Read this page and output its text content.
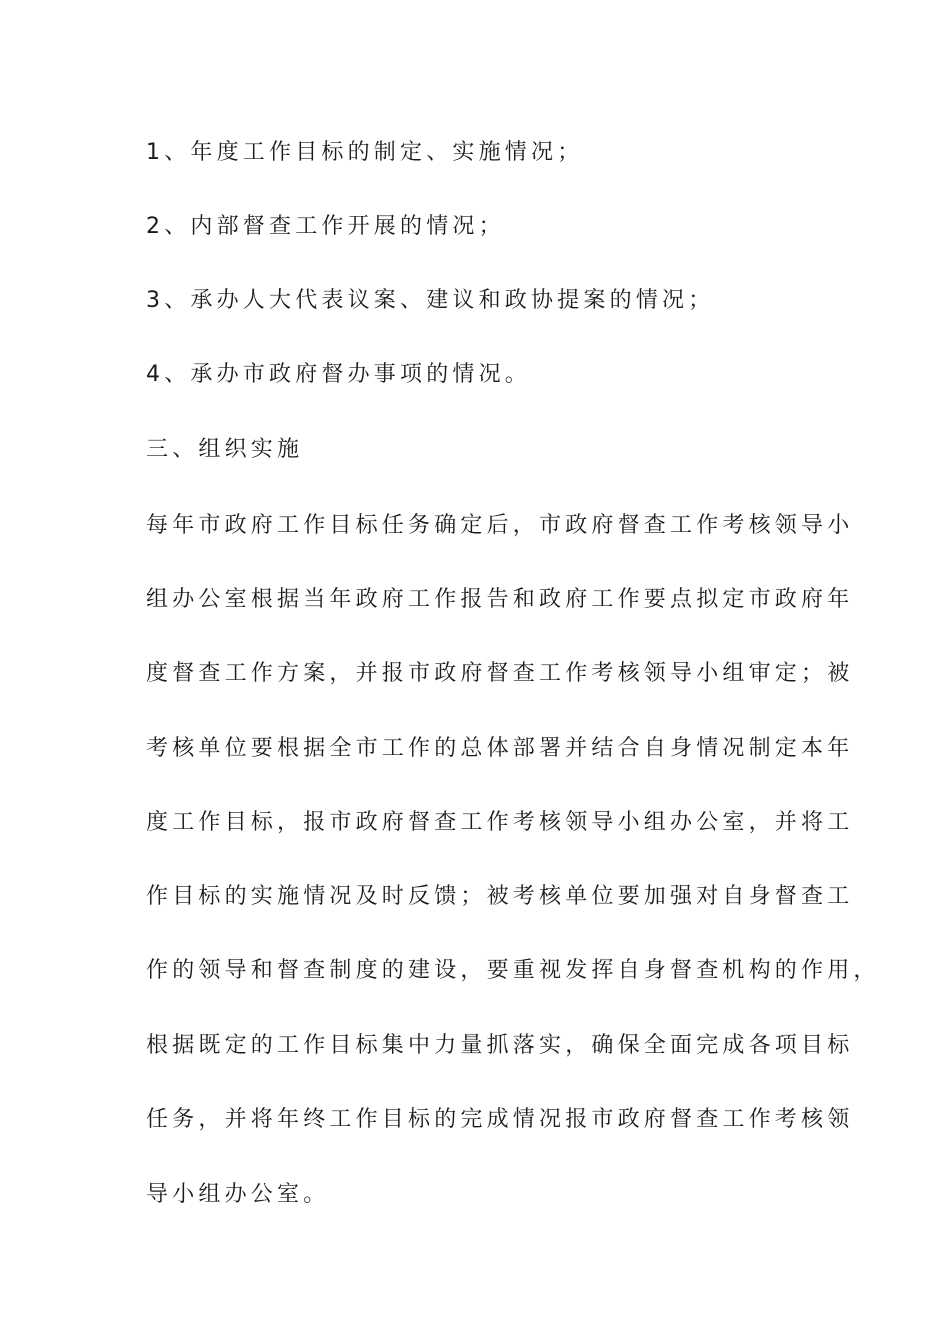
1、年度工作目标的制定、实施情况；
2、内部督查工作开展的情况；
3、承办人大代表议案、建议和政协提案的情况；
4、承办市政府督办事项的情况。
三、组织实施
每年市政府工作目标任务确定后，市政府督查工作考核领导小
组办公室根据当年政府工作报告和政府工作要点拟定市政府年
度督查工作方案，并报市政府督查工作考核领导小组审定；被
考核单位要根据全市工作的总体部署并结合自身情况制定本年
度工作目标，报市政府督查工作考核领导小组办公室，并将工
作目标的实施情况及时反馈；被考核单位要加强对自身督查工
作的领导和督查制度的建设，要重视发挥自身督查机构的作用，
根据既定的工作目标集中力量抓落实，确保全面完成各项目标
任务，并将年终工作目标的完成情况报市政府督查工作考核领
导小组办公室。
